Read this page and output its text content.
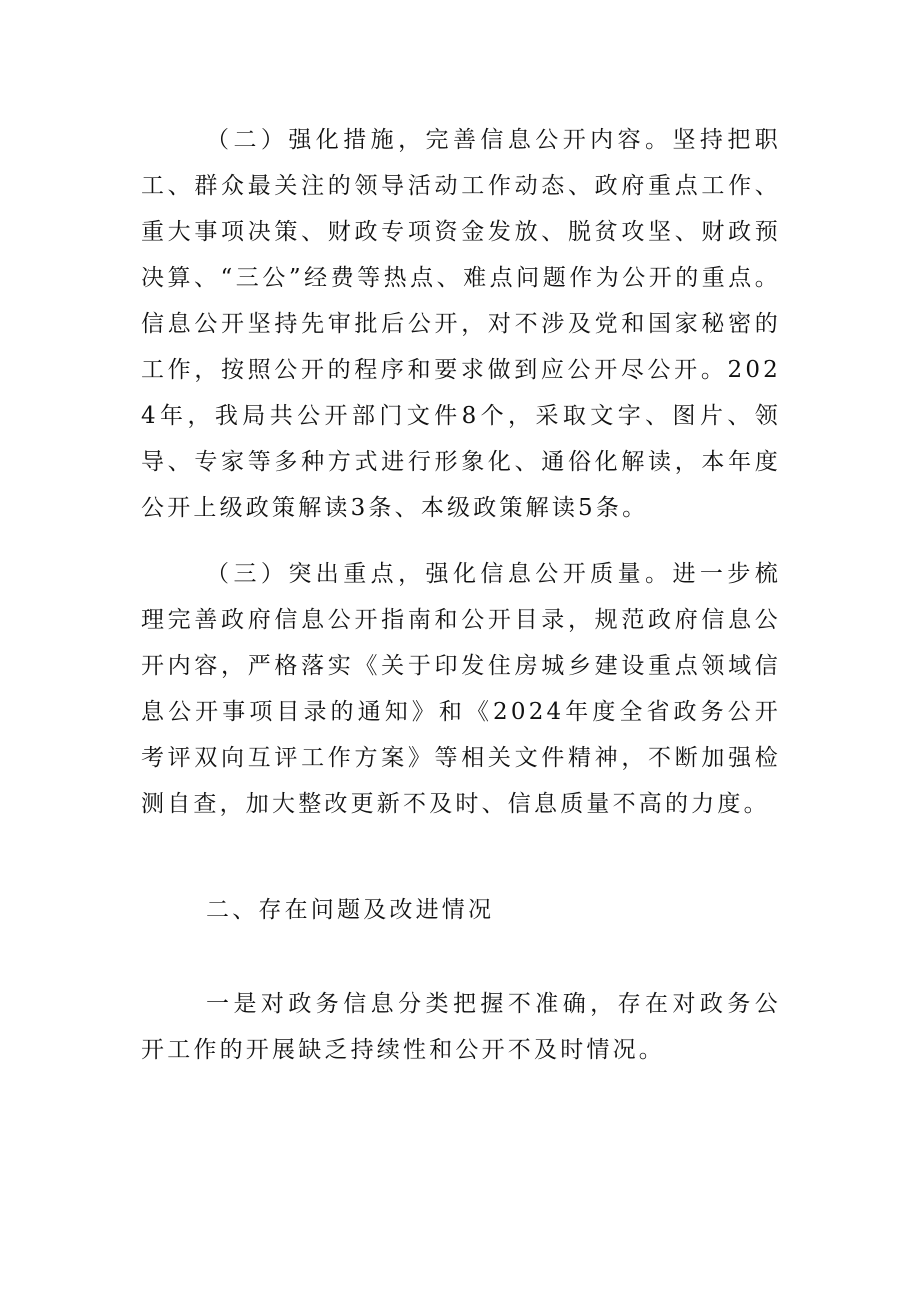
（二）强化措施，完善信息公开内容。坚持把职工、群众最关注的领导活动工作动态、政府重点工作、重大事项决策、财政专项资金发放、脱贫攻坚、财政预决算、“三公”经费等热点、难点问题作为公开的重点。信息公开坚持先审批后公开，对不涉及党和国家秘密的工作，按照公开的程序和要求做到应公开尽公开。2024年，我局共公开部门文件8个，采取文字、图片、领导、专家等多种方式进行形象化、通俗化解读，本年度公开上级政策解读3条、本级政策解读5条。

（三）突出重点，强化信息公开质量。进一步梳理完善政府信息公开指南和公开目录，规范政府信息公开内容，严格落实《关于印发住房城乡建设重点领域信息公开事项目录的通知》和《2024年度全省政务公开考评双向互评工作方案》等相关文件精神，不断加强检测自查，加大整改更新不及时、信息质量不高的力度。

二、存在问题及改进情况

一是对政务信息分类把握不准确，存在对政务公开工作的开展缺乏持续性和公开不及时情况。
